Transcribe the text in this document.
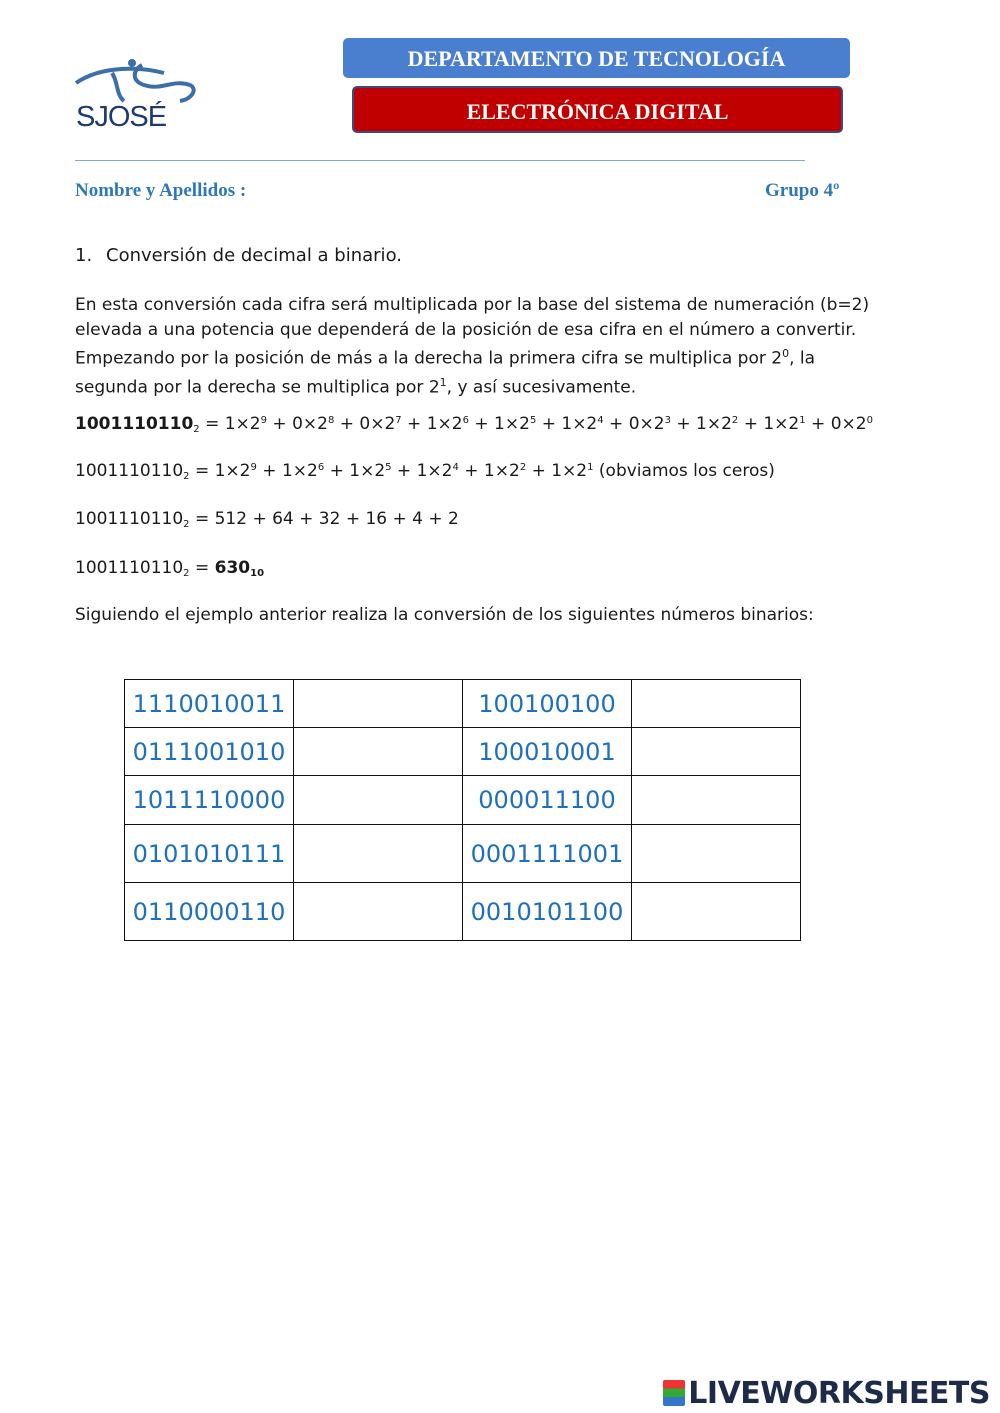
SJOSÉ
DEPARTAMENTO DE TECNOLOGÍA
ELECTRÓNICA DIGITAL
Nombre y Apellidos :	Grupo 4º
1. Conversión de decimal a binario.

En esta conversión cada cifra será multiplicada por la base del sistema de numeración (b=2)

elevada a una potencia que dependerá de la posición de esa cifra en el número a convertir.

Empezando por la posición de más a la derecha la primera cifra se multiplica por $2^0$, la

segunda por la derecha se multiplica por $2^1$, y así sucesivamente.

$1001110110_2 = 1\times 2^9 + 0\times 2^8 + 0\times 2^7 + 1\times 2^6 + 1\times 2^5 + 1\times 2^4 + 0\times 2^3 + 1\times 2^2 + 1\times 2^1 + 0\times 2^0$
$1001110110_2 = 1\times 2^9 + 1\times 2^6 + 1\times 2^5 + 1\times 2^4 + 1\times 2^2 + 1\times 2^1$ (obviamos los ceros)
$1001110110_2 = 512 + 64 + 32 + 16 + 4 + 2$
$1001110110_2 = 630_{10}$
Siguiendo el ejemplo anterior realiza la conversión de los siguientes números binarios:
1110010011		100100100	
0111001010		100010001	
1011110000		000011100	
0101010111		0001111001	
0110000110		0010101100	
LIVEWORKSHEETS
